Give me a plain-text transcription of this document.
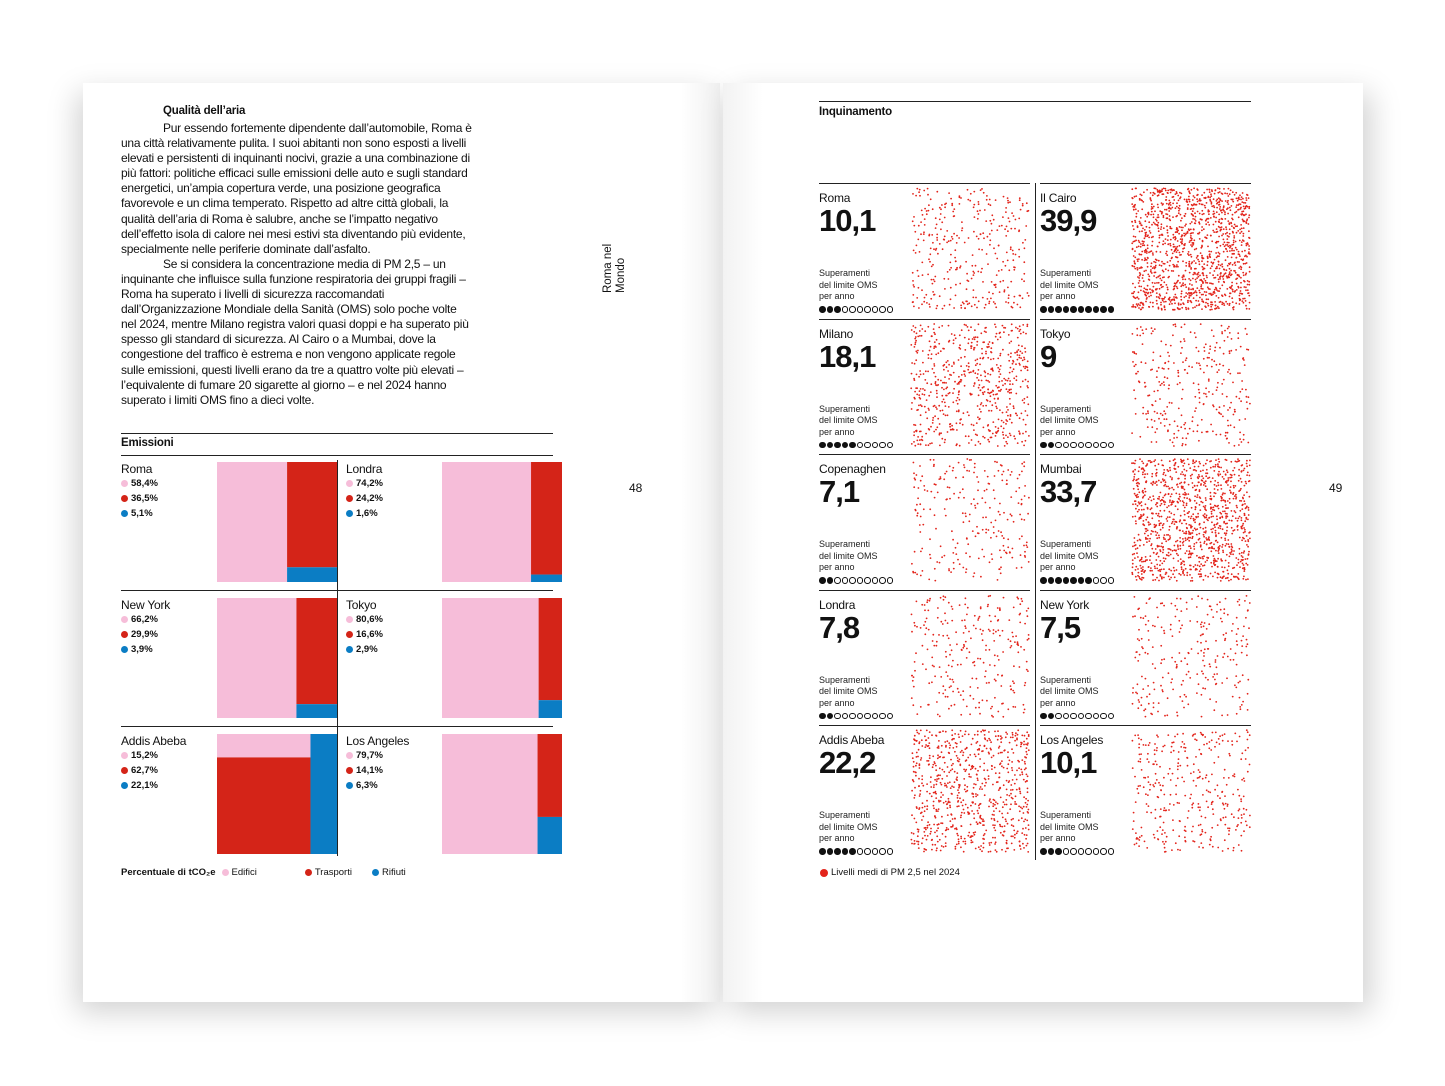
Qualità dell’aria

Pur essendo fortemente dipendente dall’automobile, Roma è una città relativamente pulita. I suoi abitanti non sono esposti a livelli elevati e persistenti di inquinanti nocivi, grazie a una combinazione di più fattori: politiche efficaci sulle emissioni delle auto e sugli standard energetici, un’ampia copertura verde, una posizione geografica favorevole e un clima temperato. Rispetto ad altre città globali, la qualità dell’aria di Roma è salubre, anche se l’impatto negativo dell’effetto isola di calore nei mesi estivi sta diventando più evidente, specialmente nelle periferie dominate dall’asfalto.

Se si considera la concentrazione media di PM 2,5 – un inquinante che influisce sulla funzione respiratoria dei gruppi fragili – Roma ha superato i livelli di sicurezza raccomandati dall’Organizzazione Mondiale della Sanità (OMS) solo poche volte nel 2024, mentre Milano registra valori quasi doppi e ha superato più spesso gli standard di sicurezza. Al Cairo o a Mumbai, dove la congestione del traffico è estrema e non vengono applicate regole sulle emissioni, questi livelli erano da tre a quattro volte più elevati – l’equivalente di fumare 20 sigarette al giorno – e nel 2024 hanno superato i limiti OMS fino a dieci volte.

Roma nel Mondo
48
Emissioni
Roma
58,4%
36,5%
5,1%
Londra
74,2%
24,2%
1,6%
New York
66,2%
29,9%
3,9%
Tokyo
80,6%
16,6%
2,9%
Addis Abeba
15,2%
62,7%
22,1%
Los Angeles
79,7%
14,1%
6,3%
Percentuale di tCO₂e Edifici	Trasporti	Rifiuti
Inquinamento
49
Roma
10,1
Superamenti
del limite OMS
per anno
Il Cairo
39,9
Superamenti
del limite OMS
per anno
Milano
18,1
Superamenti
del limite OMS
per anno
Tokyo
9
Superamenti
del limite OMS
per anno
Copenaghen
7,1
Superamenti
del limite OMS
per anno
Mumbai
33,7
Superamenti
del limite OMS
per anno
Londra
7,8
Superamenti
del limite OMS
per anno
New York
7,5
Superamenti
del limite OMS
per anno
Addis Abeba
22,2
Superamenti
del limite OMS
per anno
Los Angeles
10,1
Superamenti
del limite OMS
per anno
Livelli medi di PM 2,5 nel 2024
